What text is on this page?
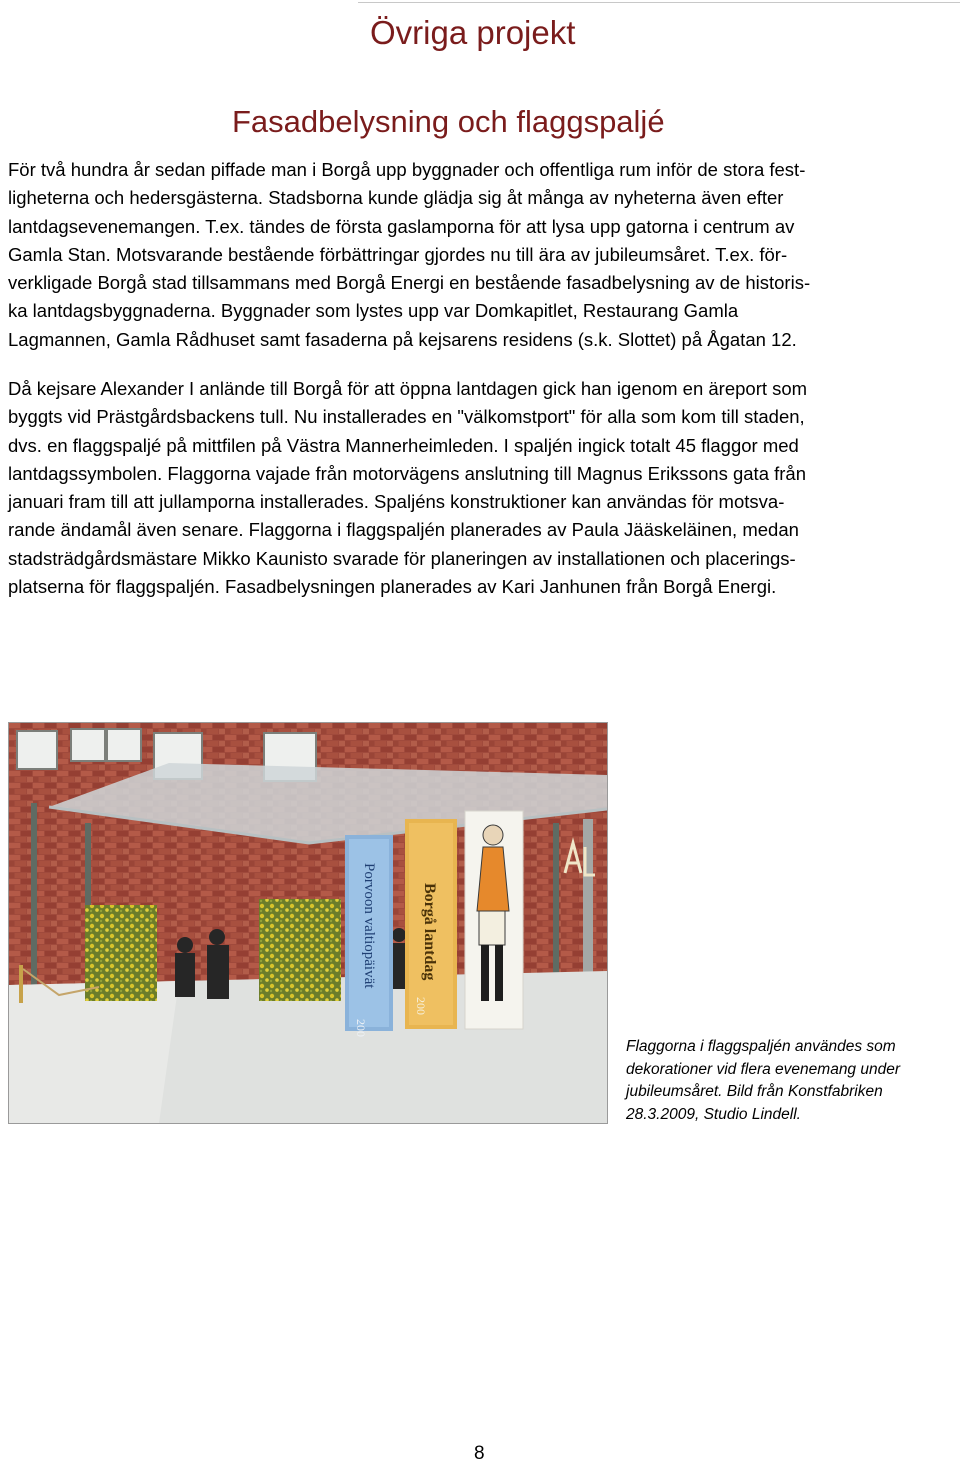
Övriga projekt
Fasadbelysning och flaggspaljé
För två hundra år sedan piffade man i Borgå upp byggnader och offentliga rum inför de stora fest-
ligheterna och hedersgästerna. Stadsborna kunde glädja sig åt många av nyheterna även efter
lantdagsevenemangen. T.ex. tändes de första gaslamporna för att lysa upp gatorna i centrum av
Gamla Stan. Motsvarande bestående förbättringar gjordes nu till ära av jubileumsåret. T.ex. för-
verkligade Borgå stad tillsammans med Borgå Energi en bestående fasadbelysning av de historis-
ka lantdagsbyggnaderna. Byggnader som lystes upp var Domkapitlet, Restaurang Gamla
Lagmannen, Gamla Rådhuset samt fasaderna på kejsarens residens (s.k. Slottet) på Ågatan 12.
Då kejsare Alexander I anlände till Borgå för att öppna lantdagen gick han igenom en äreport som
byggts vid Prästgårdsbackens tull. Nu installerades en "välkomstport" för alla som kom till staden,
dvs. en flaggspaljé på mittfilen på Västra Mannerheimleden. I spaljén ingick totalt 45 flaggor med
lantdagssymbolen. Flaggorna vajade från motorvägens anslutning till Magnus Erikssons gata från
januari fram till att jullamporna installerades. Spaljéns konstruktioner kan användas för motsva-
rande ändamål även senare. Flaggorna i flaggspaljén planerades av Paula Jääskeläinen, medan
stadsträdgårdsmästare Mikko Kaunisto svarade för planeringen av installationen och placerings-
platserna för flaggspaljén. Fasadbelysningen planerades av Kari Janhunen från Borgå Energi.
Porvoon valtiopäivät
200
Borgå lantdag
200
Flaggorna i flaggspaljén användes som
dekorationer vid flera evenemang under
jubileumsåret. Bild från Konstfabriken
28.3.2009, Studio Lindell.
8
